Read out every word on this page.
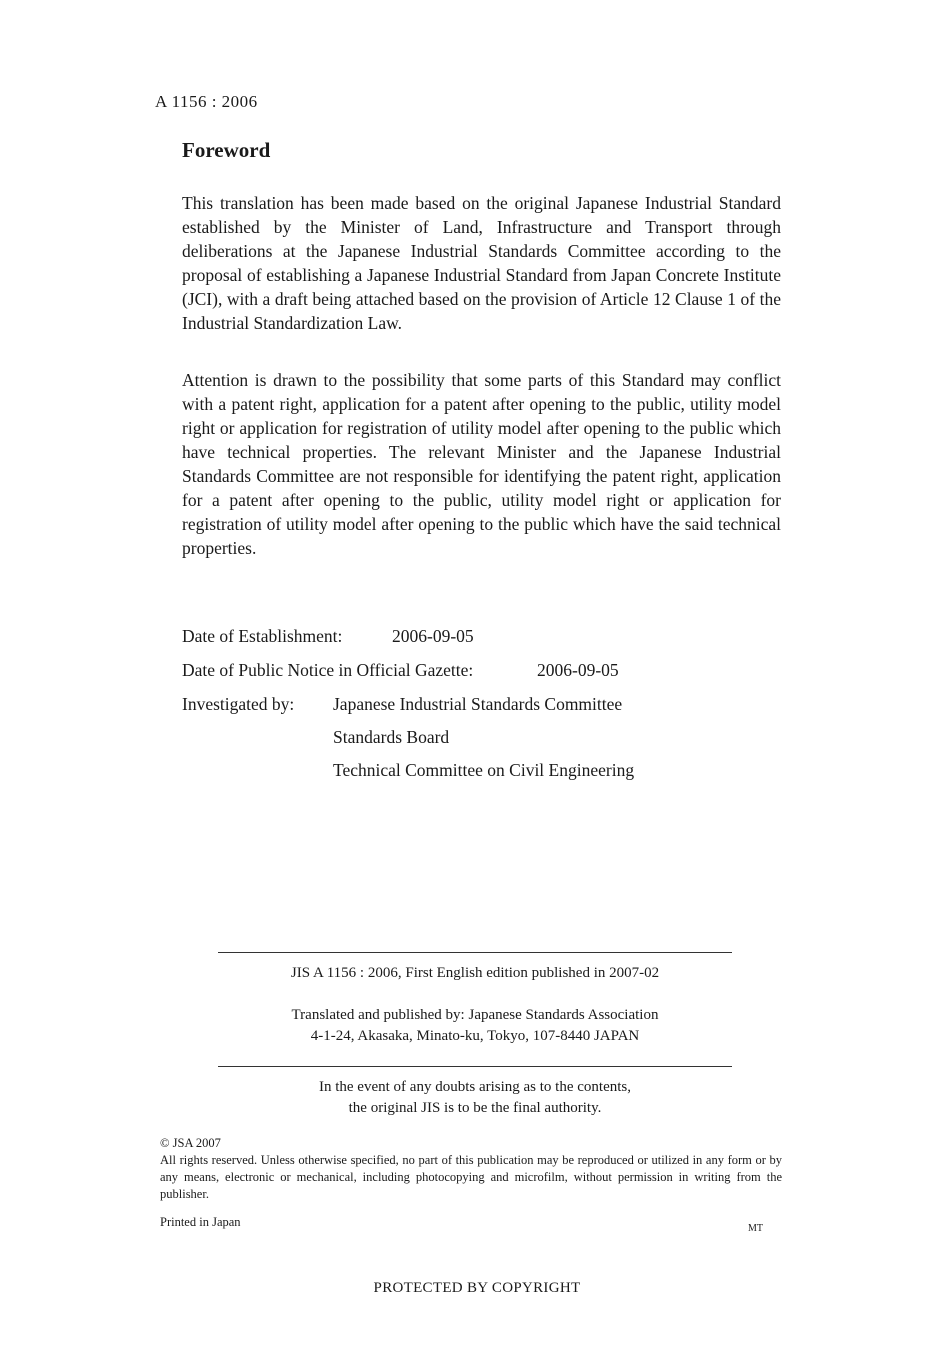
A 1156 : 2006
Foreword

This translation has been made based on the original Japanese Industrial Standard established by the Minister of Land, Infrastructure and Transport through deliberations at the Japanese Industrial Standards Committee according to the proposal of establishing a Japanese Industrial Standard from Japan Concrete Institute (JCI), with a draft being attached based on the provision of Article 12 Clause 1 of the Industrial Standardization Law.

Attention is drawn to the possibility that some parts of this Standard may conflict with a patent right, application for a patent after opening to the public, utility model right or application for registration of utility model after opening to the public which have technical properties. The relevant Minister and the Japanese Industrial Standards Committee are not responsible for identifying the patent right, application for a patent after opening to the public, utility model right or application for registration of utility model after opening to the public which have the said technical properties.

Date of Establishment:	2006-09-05
Date of Public Notice in Official Gazette:	2006-09-05
Investigated by: Japanese Industrial Standards Committee
Standards Board
Technical Committee on Civil Engineering
JIS A 1156 : 2006, First English edition published in 2007-02
Translated and published by: Japanese Standards Association
4-1-24, Akasaka, Minato-ku, Tokyo, 107-8440 JAPAN
In the event of any doubts arising as to the contents,
the original JIS is to be the final authority.
© JSA 2007
All rights reserved. Unless otherwise specified, no part of this publication may be reproduced or utilized in any form or by any means, electronic or mechanical, including photocopying and microfilm, without permission in writing from the publisher.
Printed in Japan	MT
PROTECTED BY COPYRIGHT
